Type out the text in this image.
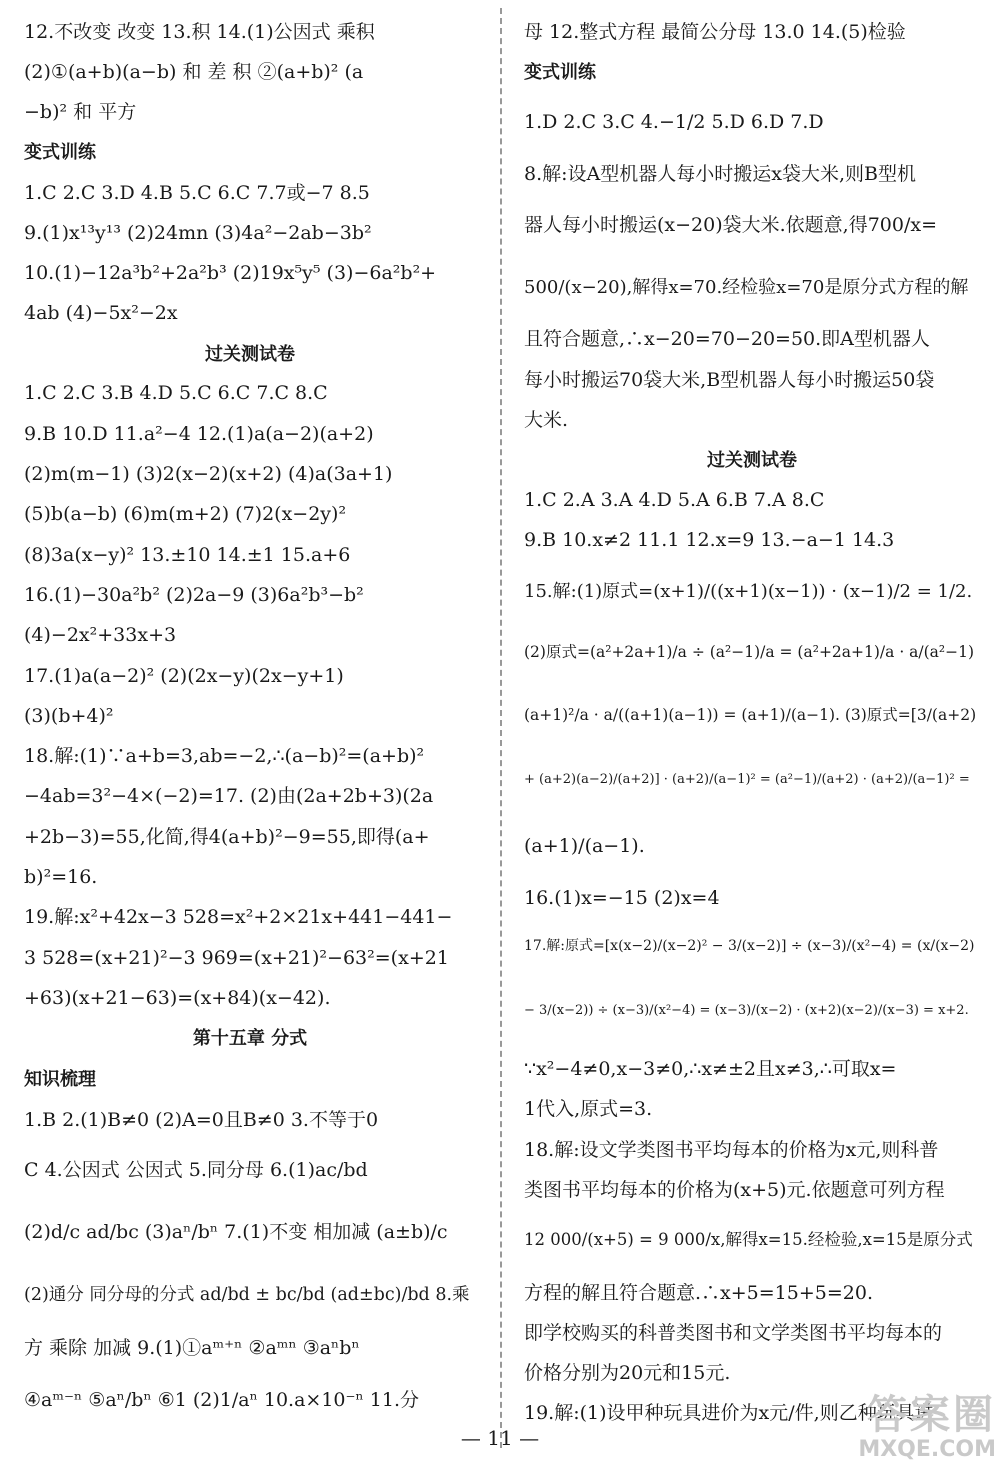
12.不改变 改变 13.积 14.(1)公因式 乘积
(2)①(a+b)(a−b) 和 差 积 ②(a+b)² (a
−b)² 和 平方
变式训练
1.C 2.C 3.D 4.B 5.C 6.C 7.7或−7 8.5
9.(1)x¹³y¹³ (2)24mn (3)4a²−2ab−3b²
10.(1)−12a³b²+2a²b³ (2)19x⁵y⁵ (3)−6a²b²+
4ab (4)−5x²−2x
过关测试卷
1.C 2.C 3.B 4.D 5.C 6.C 7.C 8.C
9.B 10.D 11.a²−4 12.(1)a(a−2)(a+2)
(2)m(m−1) (3)2(x−2)(x+2) (4)a(3a+1)
(5)b(a−b) (6)m(m+2) (7)2(x−2y)²
(8)3a(x−y)² 13.±10 14.±1 15.a+6
16.(1)−30a²b² (2)2a−9 (3)6a²b³−b²
(4)−2x²+33x+3
17.(1)a(a−2)² (2)(2x−y)(2x−y+1)
(3)(b+4)²
18.解:(1)∵a+b=3,ab=−2,∴(a−b)²=(a+b)²
−4ab=3²−4×(−2)=17. (2)由(2a+2b+3)(2a
+2b−3)=55,化简,得4(a+b)²−9=55,即得(a+
b)²=16.
19.解:x²+42x−3 528=x²+2×21x+441−441−
3 528=(x+21)²−3 969=(x+21)²−63²=(x+21
+63)(x+21−63)=(x+84)(x−42).
第十五章 分式
知识梳理
1.B 2.(1)B≠0 (2)A=0且B≠0 3.不等于0
C 4.公因式 公因式 5.同分母 6.(1)ac/bd
(2)d/c ad/bc (3)aⁿ/bⁿ 7.(1)不变 相加减 (a±b)/c
(2)通分 同分母的分式 ad/bd ± bc/bd (ad±bc)/bd 8.乘
方 乘除 加减 9.(1)①aᵐ⁺ⁿ ②aᵐⁿ ③aⁿbⁿ
④aᵐ⁻ⁿ ⑤aⁿ/bⁿ ⑥1 (2)1/aⁿ 10.a×10⁻ⁿ 11.分
母 12.整式方程 最简公分母 13.0 14.(5)检验
变式训练
1.D 2.C 3.C 4.−1/2 5.D 6.D 7.D
8.解:设A型机器人每小时搬运x袋大米,则B型机
器人每小时搬运(x−20)袋大米.依题意,得700/x=
500/(x−20),解得x=70.经检验x=70是原分式方程的解
且符合题意,∴x−20=70−20=50.即A型机器人
每小时搬运70袋大米,B型机器人每小时搬运50袋
大米.
过关测试卷
1.C 2.A 3.A 4.D 5.A 6.B 7.A 8.C
9.B 10.x≠2 11.1 12.x=9 13.−a−1 14.3
15.解:(1)原式=(x+1)/((x+1)(x−1)) · (x−1)/2 = 1/2.
(2)原式=(a²+2a+1)/a ÷ (a²−1)/a = (a²+2a+1)/a · a/(a²−1)
(a+1)²/a · a/((a+1)(a−1)) = (a+1)/(a−1). (3)原式=[3/(a+2)
+ (a+2)(a−2)/(a+2)] · (a+2)/(a−1)² = (a²−1)/(a+2) · (a+2)/(a−1)² =
(a+1)/(a−1).
16.(1)x=−15 (2)x=4
17.解:原式=[x(x−2)/(x−2)² − 3/(x−2)] ÷ (x−3)/(x²−4) = (x/(x−2)
− 3/(x−2)) ÷ (x−3)/(x²−4) = (x−3)/(x−2) · (x+2)(x−2)/(x−3) = x+2.
∵x²−4≠0,x−3≠0,∴x≠±2且x≠3,∴可取x=
1代入,原式=3.
18.解:设文学类图书平均每本的价格为x元,则科普
类图书平均每本的价格为(x+5)元.依题意可列方程
12 000/(x+5) = 9 000/x,解得x=15.经检验,x=15是原分式
方程的解且符合题意.∴x+5=15+5=20.
即学校购买的科普类图书和文学类图书平均每本的
价格分别为20元和15元.
19.解:(1)设甲种玩具进价为x元/件,则乙种玩具进
— 11 —	答案圈
MXQE.COM
